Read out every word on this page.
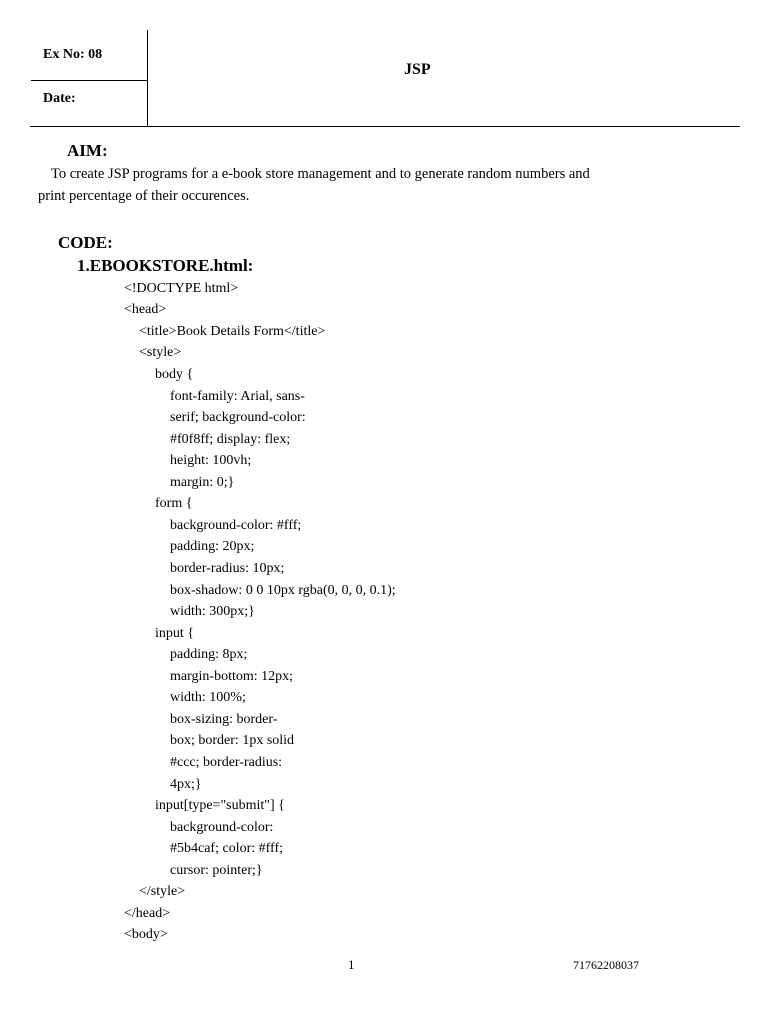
Ex No: 08
Date:
JSP
AIM:
To create JSP programs for a e-book store management and to generate random numbers and
print percentage of their occurences.
CODE:
1.EBOOKSTORE.html:
<!DOCTYPE html>
<head>
<title>Book Details Form</title>
<style>
body {
font-family: Arial, sans-
serif; background-color:
#f0f8ff; display: flex;
height: 100vh;
margin: 0;}
form {
background-color: #fff;
padding: 20px;
border-radius: 10px;
box-shadow: 0 0 10px rgba(0, 0, 0, 0.1);
width: 300px;}
input {
padding: 8px;
margin-bottom: 12px;
width: 100%;
box-sizing: border-
box; border: 1px solid
#ccc; border-radius:
4px;}
input[type="submit"] {
background-color:
#5b4caf; color: #fff;
cursor: pointer;}
</style>
</head>
<body>
1	71762208037
